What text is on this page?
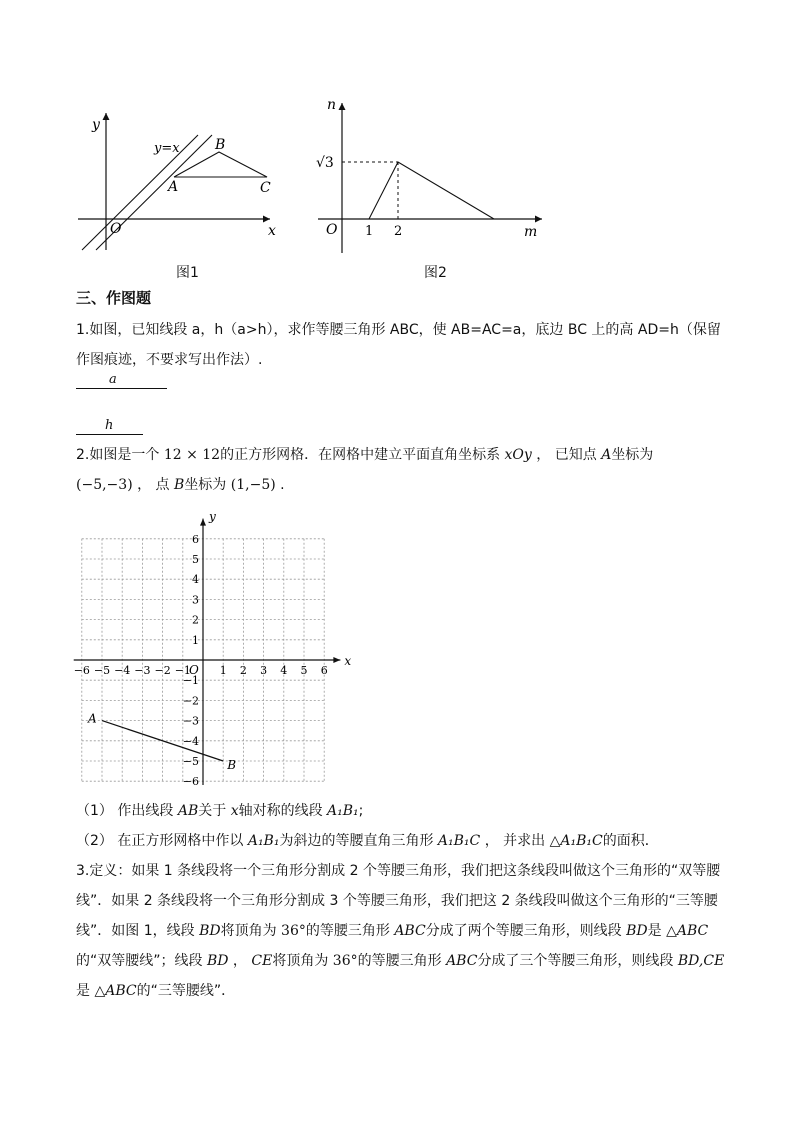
y
x
O
y=x
A
B
C
图1
n
m
O
√3
1 2
图2
三、作图题

1.如图，已知线段 a，h（a>h），求作等腰三角形 ABC，使 AB=AC=a，底边 BC 上的高 AD=h（保留作图痕迹，不要求写出作法）.

a
h

2.如图是一个 12 × 12的正方形网格．在网格中建立平面直角坐标系 xOy ， 已知点 A坐标为
(−5,−3) ， 点 B坐标为 (1,−5) .

−6 −5 −4 −3 −2 −1	1 2 3 4 5 6
6
5
4
3
2
1
−1
−2
−3
−4
−5
−6
x
y
O
A
B

（1） 作出线段 AB关于 x轴对称的线段 A₁B₁;

（2） 在正方形网格中作以 A₁B₁为斜边的等腰直角三角形 A₁B₁C ， 并求出 △A₁B₁C的面积．

3.定义：如果 1 条线段将一个三角形分割成 2 个等腰三角形，我们把这条线段叫做这个三角形的“双等腰线”．如果 2 条线段将一个三角形分割成 3 个等腰三角形，我们把这 2 条线段叫做这个三角形的“三等腰线”．如图 1，线段 BD将顶角为 36°的等腰三角形 ABC分成了两个等腰三角形，则线段 BD是 △ABC的“双等腰线”；线段 BD ， CE将顶角为 36°的等腰三角形 ABC分成了三个等腰三角形，则线段 BD,CE是 △ABC的“三等腰线”．
